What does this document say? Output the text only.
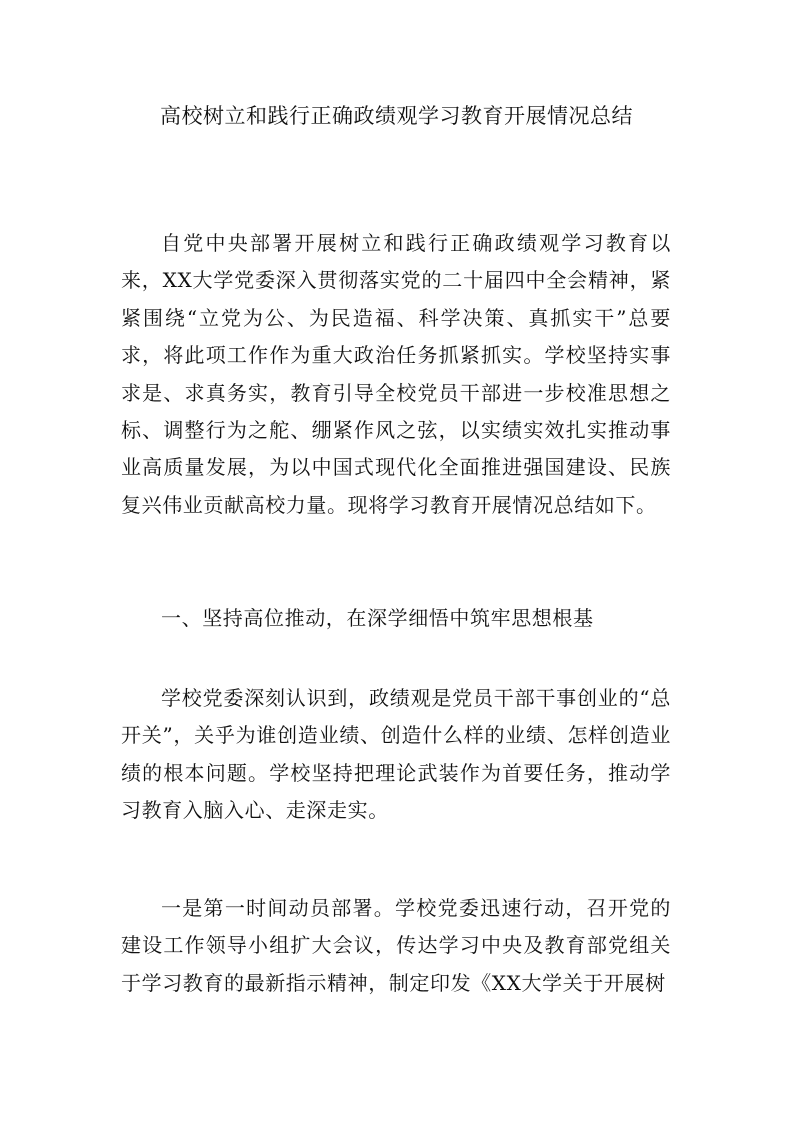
高校树立和践行正确政绩观学习教育开展情况总结

自党中央部署开展树立和践行正确政绩观学习教育以来，XX大学党委深入贯彻落实党的二十届四中全会精神，紧紧围绕“立党为公、为民造福、科学决策、真抓实干”总要求，将此项工作作为重大政治任务抓紧抓实。学校坚持实事求是、求真务实，教育引导全校党员干部进一步校准思想之标、调整行为之舵、绷紧作风之弦，以实绩实效扎实推动事业高质量发展，为以中国式现代化全面推进强国建设、民族复兴伟业贡献高校力量。现将学习教育开展情况总结如下。

一、坚持高位推动，在深学细悟中筑牢思想根基

学校党委深刻认识到，政绩观是党员干部干事创业的“总开关”，关乎为谁创造业绩、创造什么样的业绩、怎样创造业绩的根本问题。学校坚持把理论武装作为首要任务，推动学习教育入脑入心、走深走实。

一是第一时间动员部署。学校党委迅速行动，召开党的建设工作领导小组扩大会议，传达学习中央及教育部党组关于学习教育的最新指示精神，制定印发《XX大学关于开展树
